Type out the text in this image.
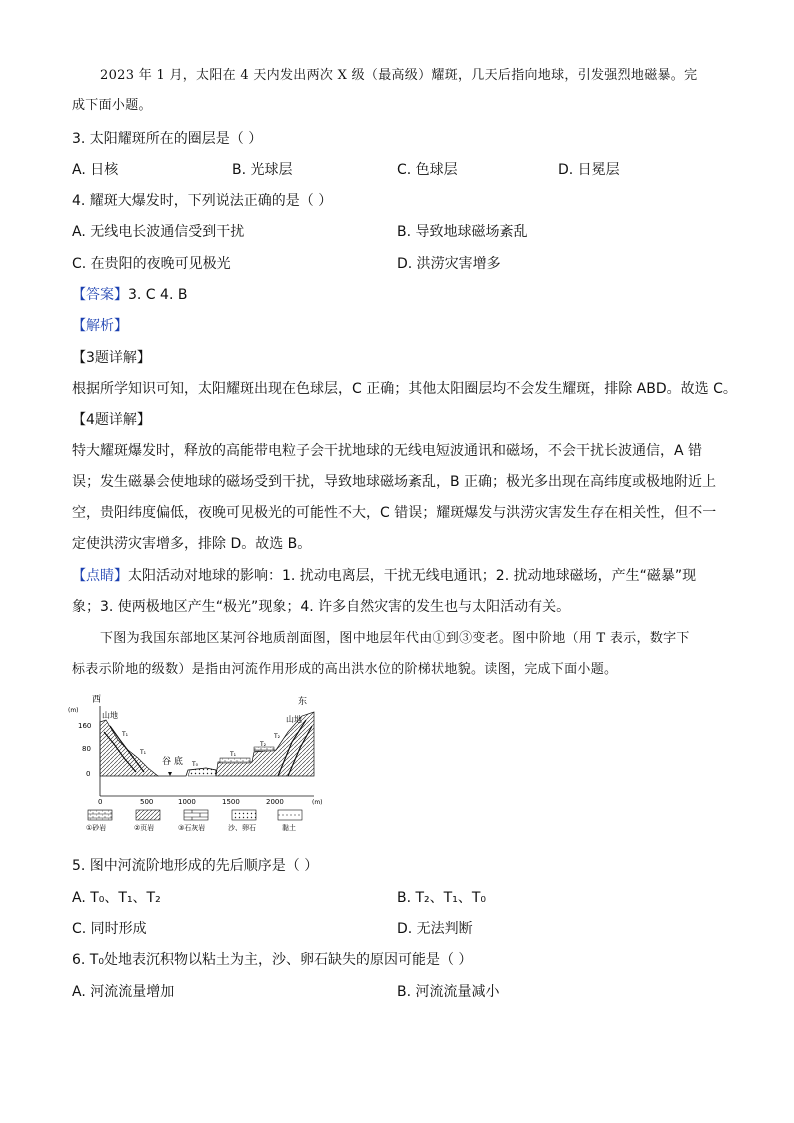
2023 年 1 月，太阳在 4 天内发出两次 X 级（最高级）耀斑，几天后指向地球，引发强烈地磁暴。完
成下面小题。
3. 太阳耀斑所在的圈层是（ ）
A. 日核	B. 光球层	C. 色球层	D. 日冕层
4. 耀斑大爆发时，下列说法正确的是（ ）
A. 无线电长波通信受到干扰	B. 导致地球磁场紊乱
C. 在贵阳的夜晚可见极光	D. 洪涝灾害增多
【答案】3. C 4. B
【解析】
【3题详解】
根据所学知识可知，太阳耀斑出现在色球层，C 正确；其他太阳圈层均不会发生耀斑，排除 ABD。故选 C。
【4题详解】
特大耀斑爆发时，释放的高能带电粒子会干扰地球的无线电短波通讯和磁场，不会干扰长波通信，A 错
误；发生磁暴会使地球的磁场受到干扰，导致地球磁场紊乱，B 正确；极光多出现在高纬度或极地附近上
空，贵阳纬度偏低，夜晚可见极光的可能性不大，C 错误；耀斑爆发与洪涝灾害发生存在相关性，但不一
定使洪涝灾害增多，排除 D。故选 B。
【点睛】太阳活动对地球的影响：1. 扰动电离层，干扰无线电通讯；2. 扰动地球磁场，产生“磁暴”现
象；3. 使两极地区产生“极光”现象；4. 许多自然灾害的发生也与太阳活动有关。
下图为我国东部地区某河谷地质剖面图，图中地层年代由①到③变老。图中阶地（用 T 表示，数字下
标表示阶地的级数）是指由河流作用形成的高出洪水位的阶梯状地貌。读图，完成下面小题。
西	东
(m)
(m)
160
80
0
0	500	1000	1500	2000
山地	山地
谷 底
T₁
T₁
T₀
T₁
T₂
T₂
①砂岩	②页岩	③石灰岩	沙、卵石	黏土
5. 图中河流阶地形成的先后顺序是（ ）
A. T₀、T₁、T₂	B. T₂、T₁、T₀
C. 同时形成	D. 无法判断
6. T₀处地表沉积物以粘土为主，沙、卵石缺失的原因可能是（ ）
A. 河流流量增加	B. 河流流量减小
